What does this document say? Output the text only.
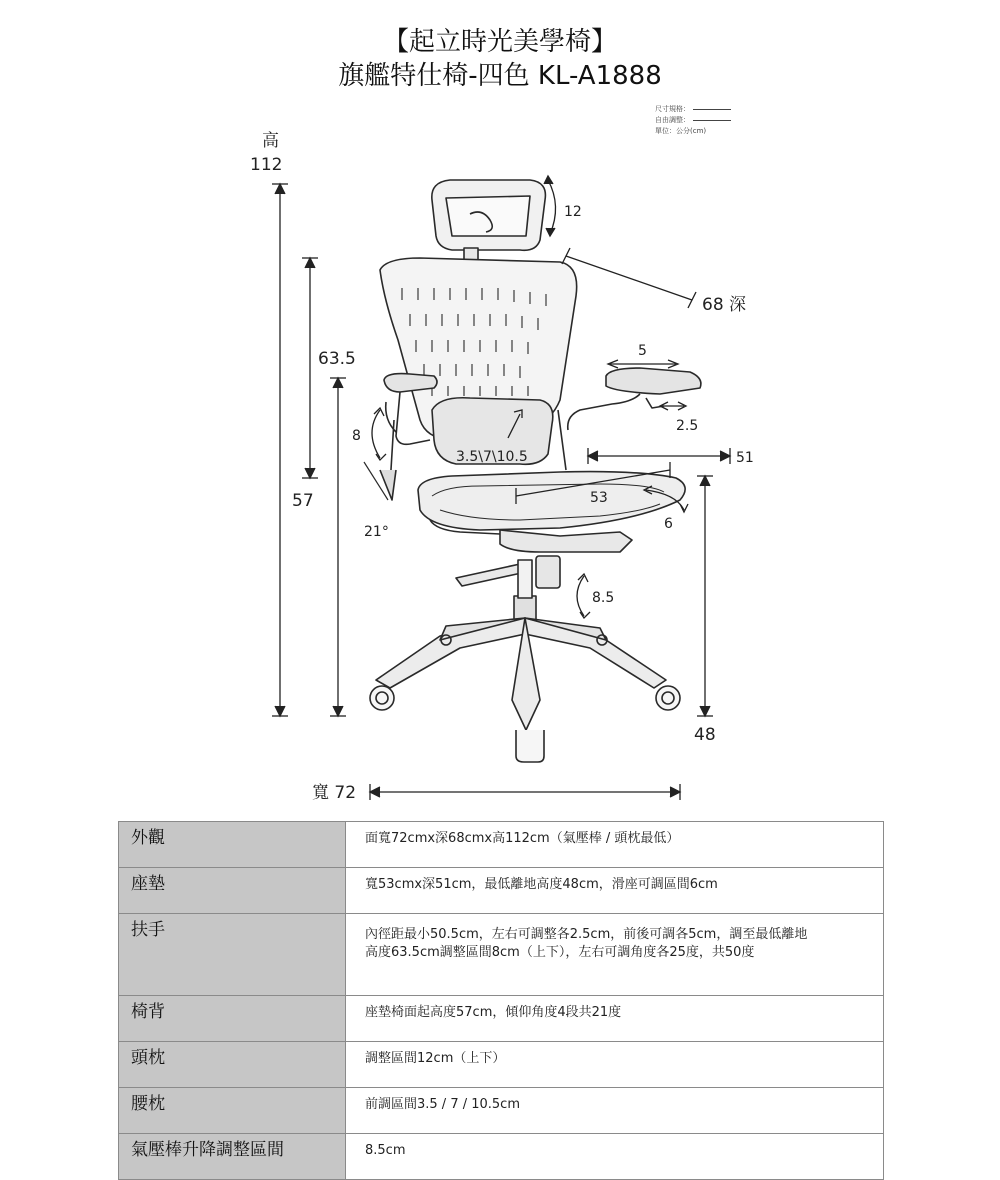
【起立時光美學椅】
旗艦特仕椅-四色 KL-A1888
尺寸規格：
自由調整：
單位：公分(cm)
高
112
57
63.5
12
68 深
5
8
2.5
3.5\7\10.5	51
53
6
21°
8.5
48
寬 72
外觀	面寬72cmx深68cmx高112cm（氣壓棒 / 頭枕最低）
座墊	寬53cmx深51cm，最低離地高度48cm，滑座可調區間6cm
扶手	內徑距最小50.5cm，左右可調整各2.5cm，前後可調各5cm，調至最低離地
高度63.5cm調整區間8cm（上下），左右可調角度各25度，共50度
椅背	座墊椅面起高度57cm，傾仰角度4段共21度
頭枕	調整區間12cm（上下）
腰枕	前調區間3.5 / 7 / 10.5cm
氣壓棒升降調整區間	8.5cm
